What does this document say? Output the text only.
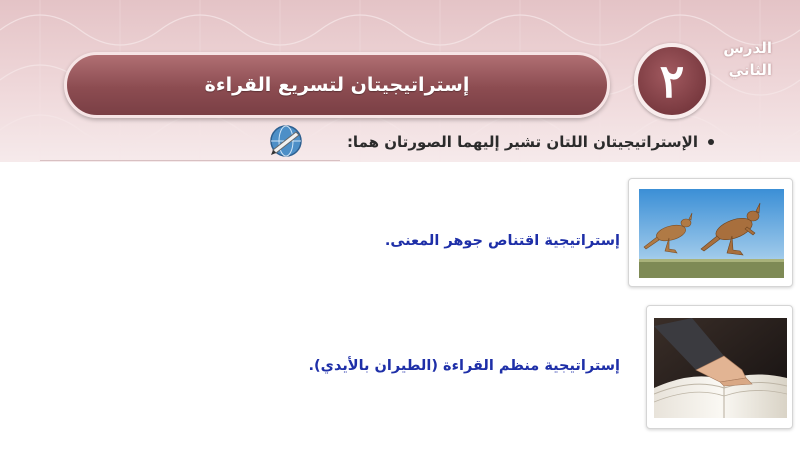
إستراتيجيتان لتسريع القراءة	٢
الدرس
الثاني
الإستراتيجيتان اللتان تشير إليهما الصورتان هما:
إستراتيجية اقتناص جوهر المعنى.
إستراتيجية منظم القراءة (الطيران بالأيدي).
